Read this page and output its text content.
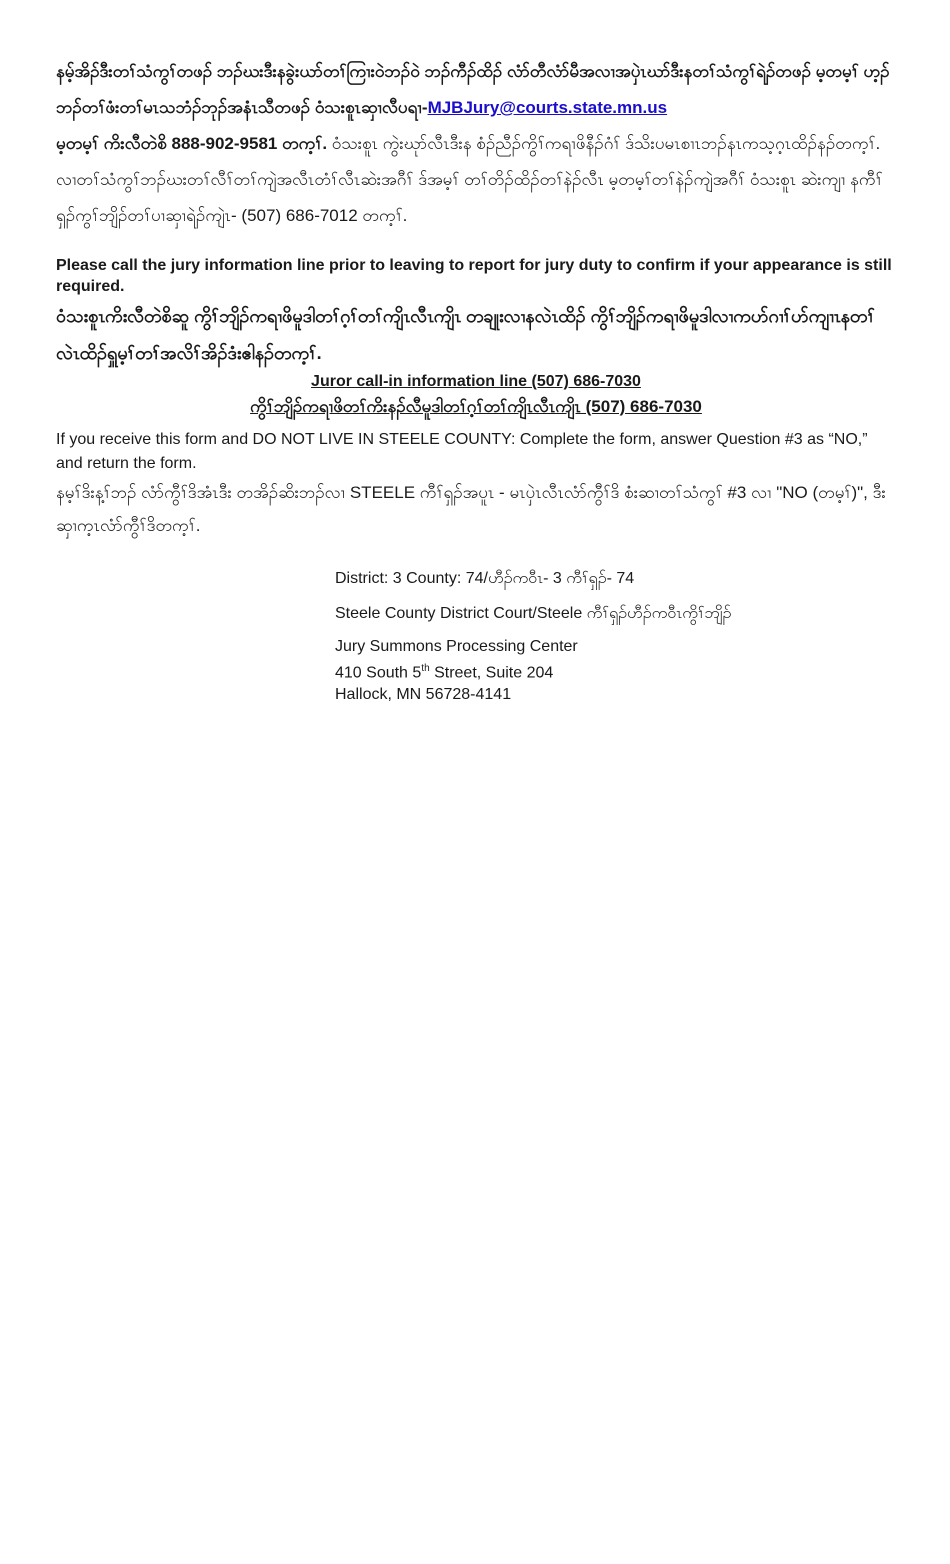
နမ့်အိၣ်ဒီးတၢ်သံကွၢ်တဖၣ် ဘၣ်ဃးဒီးနခွဲးယာ်တၢ်ကြၢးဝဲဘၣ်ဝဲ ဘၣ်ကီၣ်ထိၣ် လံာ်တီလံာ်မီအလၢအပှဲၤဃာ်ဒီးနတၢ်သံကွၢ်ရဲၣ်တဖၣ် မ့တမ့ၢ် ဟ့ၣ်ဘၣ်တၢ်ဖံးတၢ်မၤသဘံၣ်ဘုၣ်အနံၤသီတဖၣ် ဝံသးစူၤဆှၢလီပရၢ-MJBJury@courts.state.mn.us
မ့တမ့ၢ် ကိးလီတဲစိ 888-902-9581 တက့ၢ်. ဝံသးစူၤ ကွဲးဃုာ်လီၤဒီးန စံၣ်ညီၣ်ကွိၢ်ကရၢဖိနီၣ်ဂံၢ် ဒ်သိးပမၤစၢၤဘၣ်နၤကသ့ဂ့ၤထိၣ်နၣ်တက့ၢ်. လၢတၢ်သံကွၢ်ဘၣ်ဃးတၢ်လီၢ်တၢ်ကျဲအလီၤတံၢ်လီၤဆဲးအဂီၢ် ဒ်အမ့ၢ် တၢ်တိၣ်ထိၣ်တၢ်နဲၣ်လီၤ မ့တမ့ၢ်တၢ်နဲၣ်ကျဲအဂီၢ် ဝံသးစူၤ ဆဲးကျၢ နကီၢ်ရှၣ်ကွၢ်ဘျိၣ်တၢ်ပၢဆှၢရဲၣ်ကျဲၤ- (507) 686-7012 တက့ၢ်.
Please call the jury information line prior to leaving to report for jury duty to confirm if your appearance is still required.
ဝံသးစူၤကိးလီတဲစိဆူ ကွိၢ်ဘျိၣ်ကရၢဖိမူဒါတၢ်ဂ့ၢ်တၢ်ကျိၤလီၤကျိၤ တချုးလၢနလဲၤထိၣ် ကွိၢ်ဘျိၣ်ကရၢဖိမူဒါလၢကဟ်ဂၢၢ်ဟ်ကျၢၤနတၢ်လဲၤထိၣ်ရှူမ့ၢ်တၢ်အလိၢ်အိၣ်ဒံးဧါနၣ်တက့ၢ်.
Juror call-in information line (507) 686-7030
ကွိၢ်ဘျိၣ်ကရၢဖိတၢ်ကိးနၣ်လီမူဒါတၢ်ဂ့ၢ်တၢ်ကျိၤလီၤကျိၤ (507) 686-7030
If you receive this form and DO NOT LIVE IN STEELE COUNTY: Complete the form, answer Question #3 as “NO,” and return the form.
နမ့ၢ်ဒိးန့ၢ်ဘၣ် လံာ်ကွီၢ်ဒိအံၤဒီး တအိၣ်ဆိးဘၣ်လၢ STEELE ကီၢ်ရှၣ်အပူၤ - မၤပှဲၤလီၤလံာ်ကွီၢ်ဒိ စံးဆၢတၢ်သံကွၢ် #3 လၢ "NO (တမ့ၢ်)", ဒီးဆှၢက့ၤလံာ်ကွီၢ်ဒိတက့ၢ်.
District: 3 County: 74/ဟီၣ်ကဝီၤ- 3 ကီၢ်ရှၣ်- 74
Steele County District Court/Steele ကီၢ်ရှၣ်ဟီၣ်ကဝီၤကွိၢ်ဘျိၣ်
Jury Summons Processing Center
410 South 5th Street, Suite 204
Hallock, MN 56728-4141
